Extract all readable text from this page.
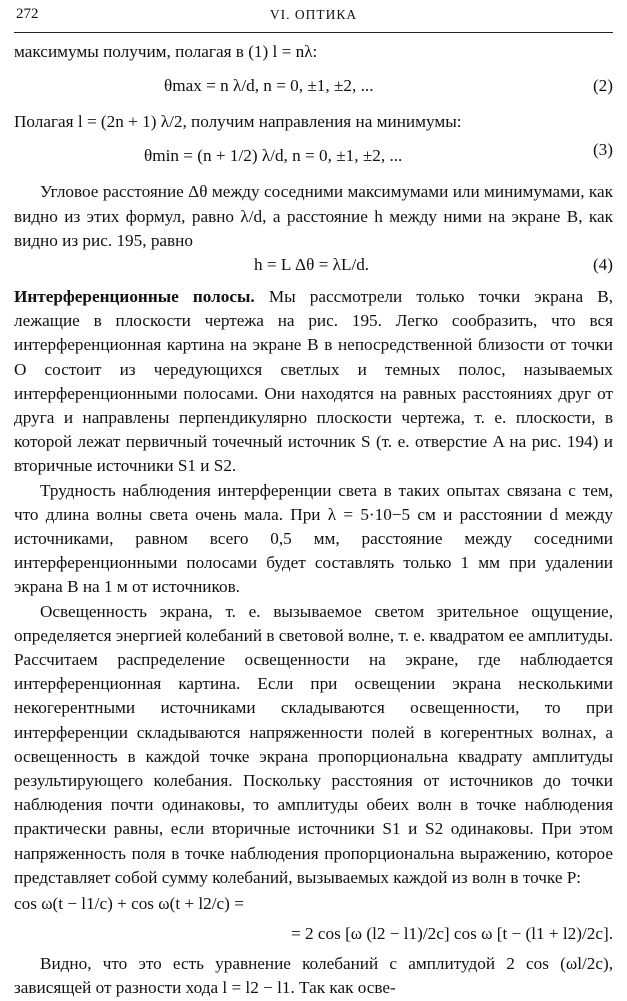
272	VI. ОПТИКА

максимумы получим, полагая в (1) l = nλ:

θmax = n λ/d, n = 0, ±1, ±2, ...	(2)

Полагая l = (2n + 1) λ/2, получим направления на минимумы:

θmin = (n + 1/2) λ/d, n = 0, ±1, ±2, ...	(3)

Угловое расстояние Δθ между соседними максимумами или минимумами, как видно из этих формул, равно λ/d, а расстояние h между ними на экране B, как видно из рис. 195, равно

h = L Δθ = λL/d.	(4)

Интерференционные полосы. Мы рассмотрели только точки экрана B, лежащие в плоскости чертежа на рис. 195. Легко сообразить, что вся интерференционная картина на экране B в непосредственной близости от точки O состоит из чередующихся светлых и темных полос, называемых интерференционными полосами. Они находятся на равных расстояниях друг от друга и направлены перпендикулярно плоскости чертежа, т. е. плоскости, в которой лежат первичный точечный источник S (т. е. отверстие A на рис. 194) и вторичные источники S1 и S2.

Трудность наблюдения интерференции света в таких опытах связана с тем, что длина волны света очень мала. При λ = 5·10−5 см и расстоянии d между источниками, равном всего 0,5 мм, расстояние между соседними интерференционными полосами будет составлять только 1 мм при удалении экрана B на 1 м от источников.

Освещенность экрана, т. е. вызываемое светом зрительное ощущение, определяется энергией колебаний в световой волне, т. е. квадратом ее амплитуды. Рассчитаем распределение освещенности на экране, где наблюдается интерференционная картина. Если при освещении экрана несколькими некогерентными источниками складываются освещенности, то при интерференции складываются напряженности полей в когерентных волнах, а освещенность в каждой точке экрана пропорциональна квадрату амплитуды результирующего колебания. Поскольку расстояния от источников до точки наблюдения почти одинаковы, то амплитуды обеих волн в точке наблюдения практически равны, если вторичные источники S1 и S2 одинаковы. При этом напряженность поля в точке наблюдения пропорциональна выражению, которое представляет собой сумму колебаний, вызываемых каждой из волн в точке P:

cos ω(t − l1/c) + cos ω(t + l2/c) =
= 2 cos [ω (l2 − l1)/2c] cos ω [t − (l1 + l2)/2c].

Видно, что это есть уравнение колебаний с амплитудой 2 cos (ωl/2c), зависящей от разности хода l = l2 − l1. Так как осве-
